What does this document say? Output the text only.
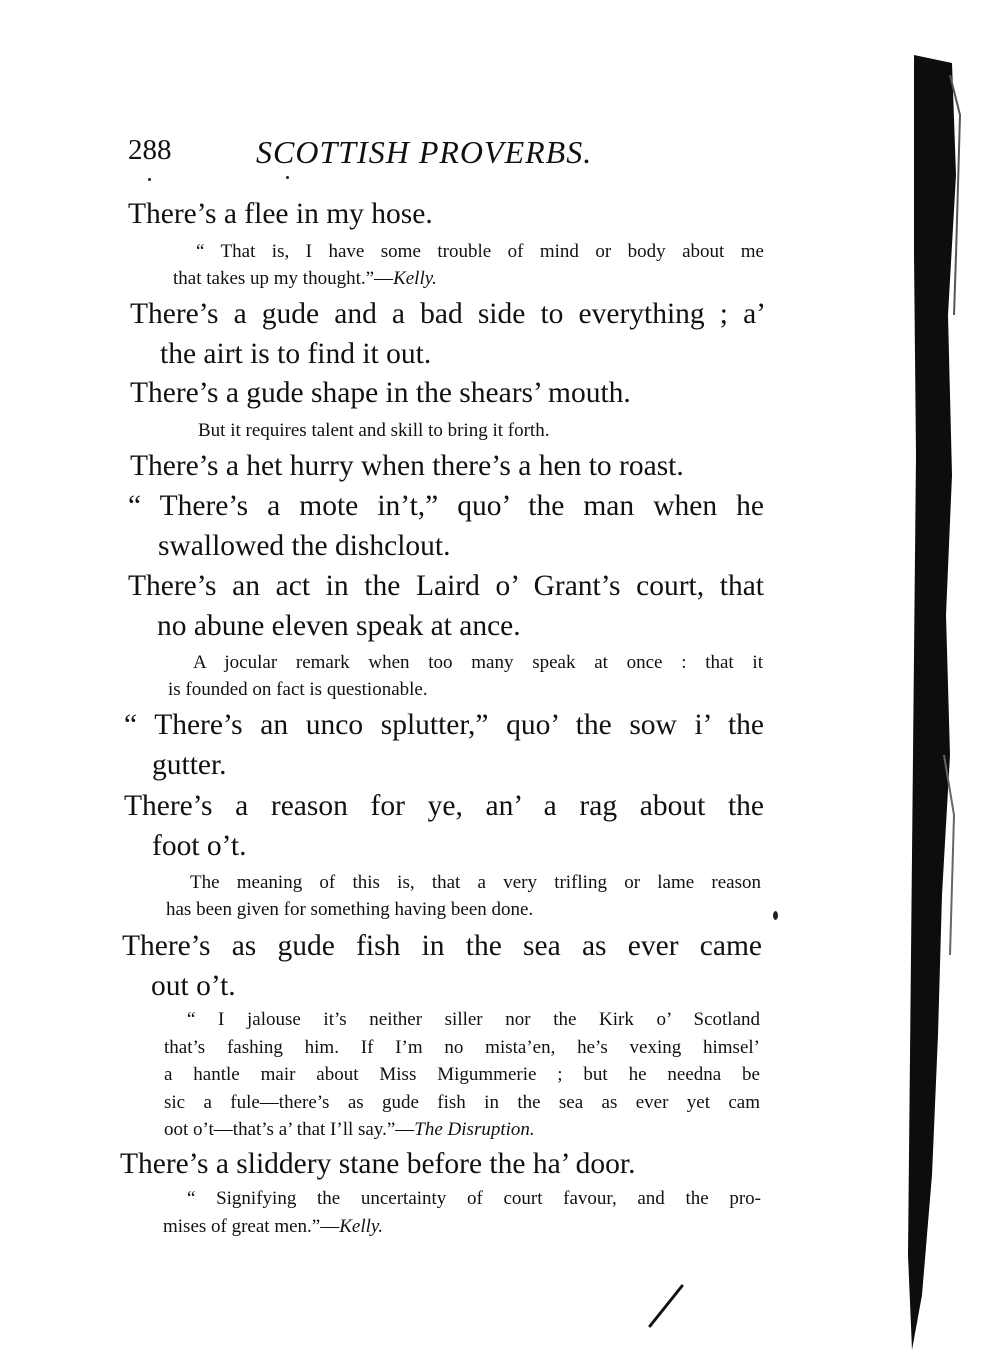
288	SCOTTISH PROVERBS.
There’s a flee in my hose.
“ That is, I have some trouble of mind or body about me
that takes up my thought.”—Kelly.
There’s a gude and a bad side to everything ; a’
the airt is to find it out.
There’s a gude shape in the shears’ mouth.
But it requires talent and skill to bring it forth.
There’s a het hurry when there’s a hen to roast.
“ There’s a mote in’t,” quo’ the man when he
swallowed the dishclout.
There’s an act in the Laird o’ Grant’s court, that
no abune eleven speak at ance.
A jocular remark when too many speak at once : that it
is founded on fact is questionable.
“ There’s an unco splutter,” quo’ the sow i’ the
gutter.
There’s a reason for ye, an’ a rag about the
foot o’t.
The meaning of this is, that a very trifling or lame reason
has been given for something having been done.
There’s as gude fish in the sea as ever came
out o’t.
“ I jalouse it’s neither siller nor the Kirk o’ Scotland
that’s fashing him. If I’m no mista’en, he’s vexing himsel’
a hantle mair about Miss Migummerie ; but he needna be
sic a fule—there’s as gude fish in the sea as ever yet cam
oot o’t—that’s a’ that I’ll say.”—The Disruption.
There’s a sliddery stane before the ha’ door.
“ Signifying the uncertainty of court favour, and the pro-
mises of great men.”—Kelly.
